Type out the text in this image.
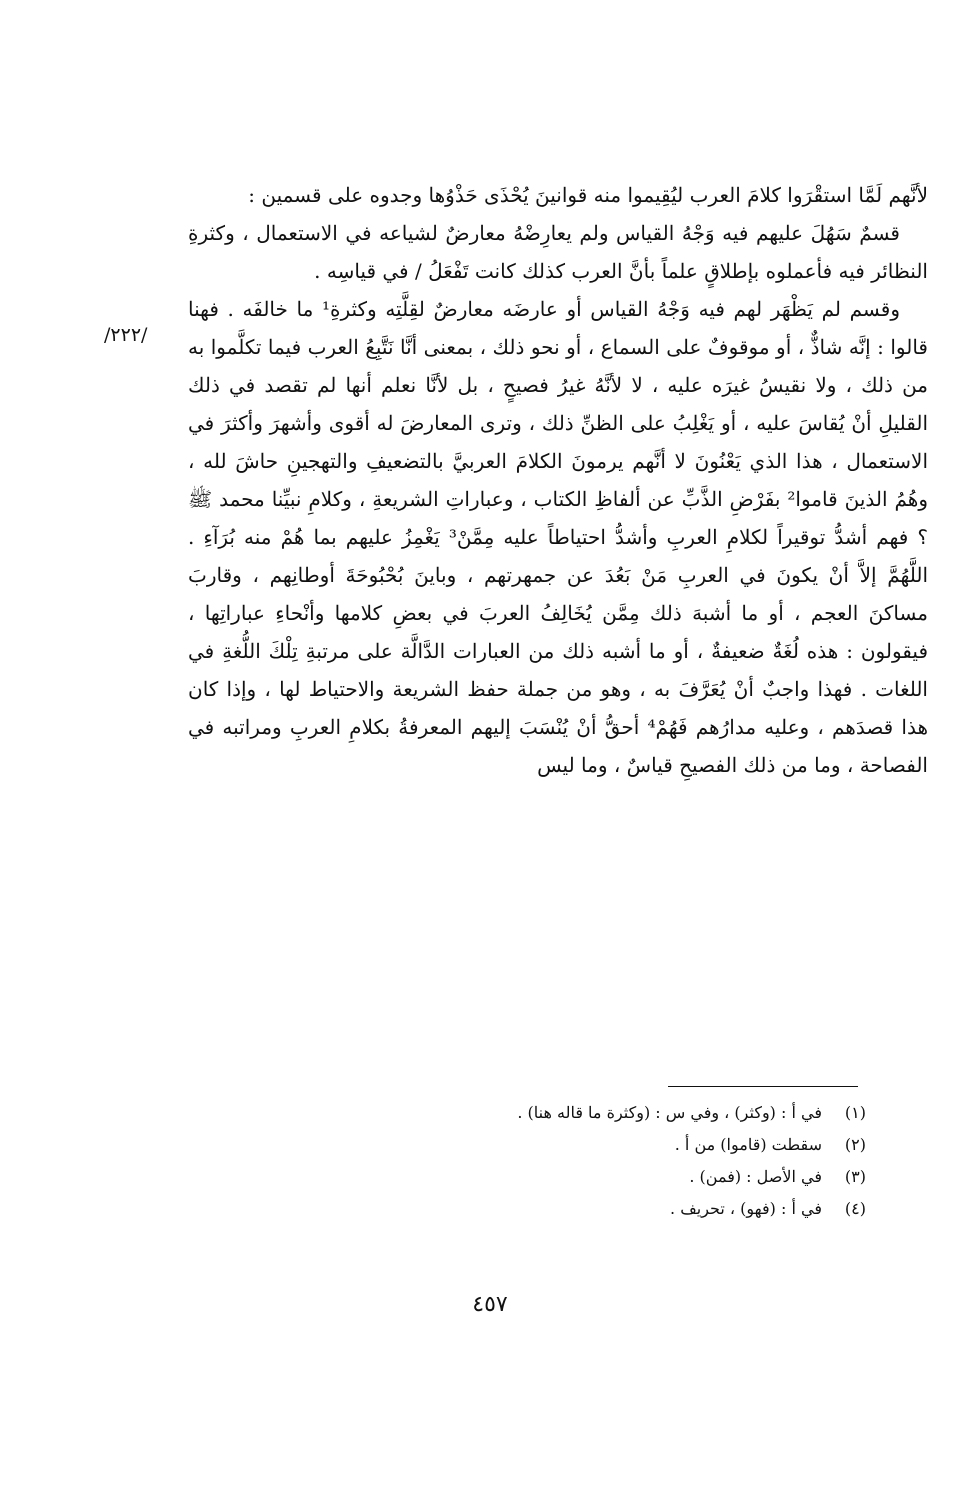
لأنَّهم لَمَّا استقْرَوا كلامَ العرب ليُقِيموا منه قوانينَ يُحْذَى حَذْوُها وجدوه على قسمين :

قسمٌ سَهُلَ عليهم فيه وَجْهُ القياس ولم يعارِضْهُ معارضٌ لشياعه في الاستعمال ، وكثرةِ النظائر فيه فأعملوه بإطلاقٍ علماً بأنَّ العرب كذلك كانت تَفْعَلُ / في قياسِه .

وقسم لم يَظْهَر لهم فيه وَجْهُ القياس أو عارضَه معارضٌ لقِلَّتِه وكثرةِ¹ ما خالفَه . فهنا قالوا : إنَّه شاذٌّ ، أو موقوفٌ على السماع ، أو نحو ذلك ، بمعنى أنَّا نَتَّبِعُ العرب فيما تكلَّموا به من ذلك ، ولا نقيسُ غيرَه عليه ، لا لأنَّهُ غيرُ فصيحٍ ، بل لأنَّا نعلم أنها لم تقصد في ذلك القليلِ أنْ يُقاسَ عليه ، أو يَغْلِبُ على الظنِّ ذلك ، وترى المعارضَ له أقوى وأشهرَ وأكثرَ في الاستعمال ، هذا الذي يَعْنُونَ لا أنَّهم يرمونَ الكلامَ العربيَّ بالتضعيفِ والتهجينِ حاشَ لله ، وهُمُ الذينَ قاموا² بفَرْضِ الذَّبِّ عن ألفاظِ الكتاب ، وعباراتِ الشريعةِ ، وكلامِ نبيِّنا محمد ﷺ ؟ فهم أشدُّ توقيراً لكلامِ العربِ وأشدُّ احتياطاً عليه مِمَّنْ³ يَغْمِزُ عليهم بما هُمْ منه بُرَآءِ . اللَّهُمَّ إلاَّ أنْ يكونَ في العربِ مَنْ بَعُدَ عن جمهرتهم ، وباينَ بُحْبُوحَةَ أوطانِهم ، وقاربَ مساكنَ العجم ، أو ما أشبهَ ذلك مِمَّن يُخَالِفُ العربَ في بعضِ كلامها وأنْحاءِ عباراتِها ، فيقولون : هذه لُغَةٌ ضعيفةٌ ، أو ما أشبه ذلك من العبارات الدَّالَّة على مرتبةِ تِلْكَ اللُّغةِ في اللغات . فهذا واجبٌ أنْ يُعَرَّفَ به ، وهو من جملة حفظ الشريعة والاحتياط لها ، وإذا كان هذا قصدَهم ، وعليه مدارُهم فَهُمْ⁴ أحقُّ أنْ يُنْسَبَ إليهم المعرفةُ بكلامِ العربِ ومراتبه في الفصاحة ، وما من ذلك الفصيحِ قياسٌ ، وما ليس

/٢٢٢/
(١)
في أ : (وكثر) ، وفي س : (وكثرة ما قاله هنا) .
(٢)
سقطت (قاموا) من أ .
(٣)
في الأصل : (فمن) .
(٤)
في أ : (فهو) ، تحريف .
٤٥٧
